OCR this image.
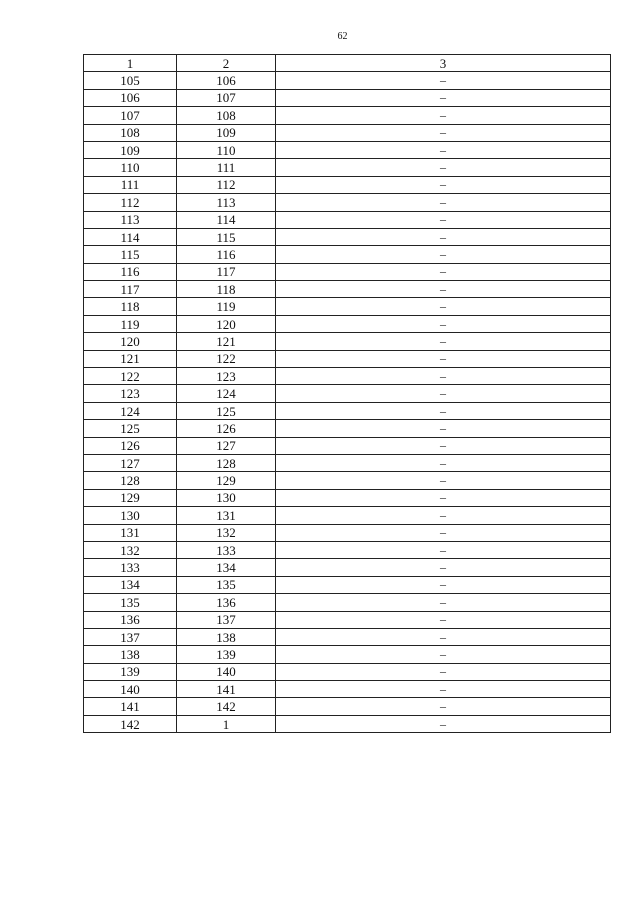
62
1	2	3
105	106	–
106	107	–
107	108	–
108	109	–
109	110	–
110	111	–
111	112	–
112	113	–
113	114	–
114	115	–
115	116	–
116	117	–
117	118	–
118	119	–
119	120	–
120	121	–
121	122	–
122	123	–
123	124	–
124	125	–
125	126	–
126	127	–
127	128	–
128	129	–
129	130	–
130	131	–
131	132	–
132	133	–
133	134	–
134	135	–
135	136	–
136	137	–
137	138	–
138	139	–
139	140	–
140	141	–
141	142	–
142	1	–
